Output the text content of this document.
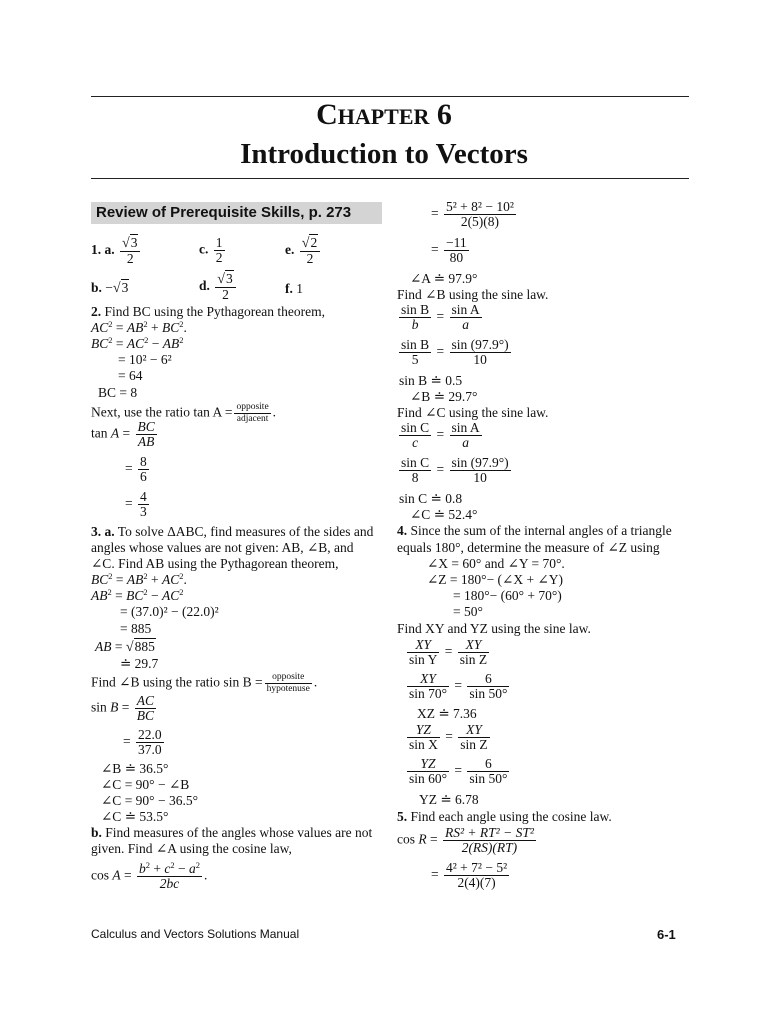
CHAPTER 6
Introduction to Vectors
Review of Prerequisite Skills, p. 273
1. a. $\frac{√3}{2}$	c. $\frac{1}{2}$	e. $\frac{√2}{2}$
b. −√3	d. $\frac{√3}{2}$	f. 1
2. Find BC using the Pythagorean theorem,
$AC^2 = AB^2 + BC^2$.
$BC^2 = AC^2 - AB^2$
= 10² − 6²
= 64
BC = 8
Next, use the ratio $\tan A = \frac{\text{opposite}}{\text{adjacent}}$ .
$\tan A = \frac{BC}{AB}$
= $\frac{8}{6}$
= $\frac{4}{3}$
3. a. To solve ΔABC, find measures of the sides and
angles whose values are not given: AB, ∠B, and
∠C. Find AB using the Pythagorean theorem,
$BC^2 = AB^2 + AC^2$.
$AB^2 = BC^2 - AC^2$
= (37.0)² − (22.0)²
= 885
AB = √885
≐ 29.7
Find ∠B using the ratio $\sin B = \frac{\text{opposite}}{\text{hypotenuse}}$ .
$\sin B = \frac{AC}{BC}$
= $\frac{22.0}{37.0}$
∠B ≐ 36.5°
∠C = 90° − ∠B
∠C = 90° − 36.5°
∠C ≐ 53.5°
b. Find measures of the angles whose values are not
given. Find ∠A using the cosine law,
$\cos A = \frac{b^2 + c^2 - a^2}{2bc}$ .
= $\frac{\text{5² + 8² − 10²}}{2(5)(8)}$
= $\frac{-11}{80}$
∠A ≐ 97.9°
Find ∠B using the sine law.
$\frac{\text{sin B}}{b} = \frac{\text{sin A}}{a}$
$\frac{\text{sin B}}{5} = \frac{\sin (97.9^\circ)}{10}$
sin B ≐ 0.5
∠B ≐ 29.7°
Find ∠C using the sine law.
$\frac{\text{sin C}}{c} = \frac{\text{sin A}}{a}$
$\frac{\text{sin C}}{8} = \frac{\sin (97.9^\circ)}{10}$
sin C ≐ 0.8
∠C ≐ 52.4°
4. Since the sum of the internal angles of a triangle
equals 180°, determine the measure of ∠Z using
∠X = 60° and ∠Y = 70°.
∠Z = 180°− (∠X + ∠Y)
= 180°− (60° + 70°)
= 50°
Find XY and YZ using the sine law.
$\frac{XY}{\text{sin Y}} = \frac{XY}{\text{sin Z}}$
$\frac{XY}{\sin 70^\circ} = \frac{6}{\sin 50^\circ}$
XZ ≐ 7.36
$\frac{YZ}{\text{sin X}} = \frac{XY}{\text{sin Z}}$
$\frac{YZ}{\sin 60^\circ} = \frac{6}{\sin 50^\circ}$
YZ ≐ 6.78
5. Find each angle using the cosine law.
$\cos R = \frac{\text{RS² + RT² − ST²}}{2(RS)(RT)}$
= $\frac{\text{4² + 7² − 5²}}{2(4)(7)}$
Calculus and Vectors Solutions Manual	6-1
